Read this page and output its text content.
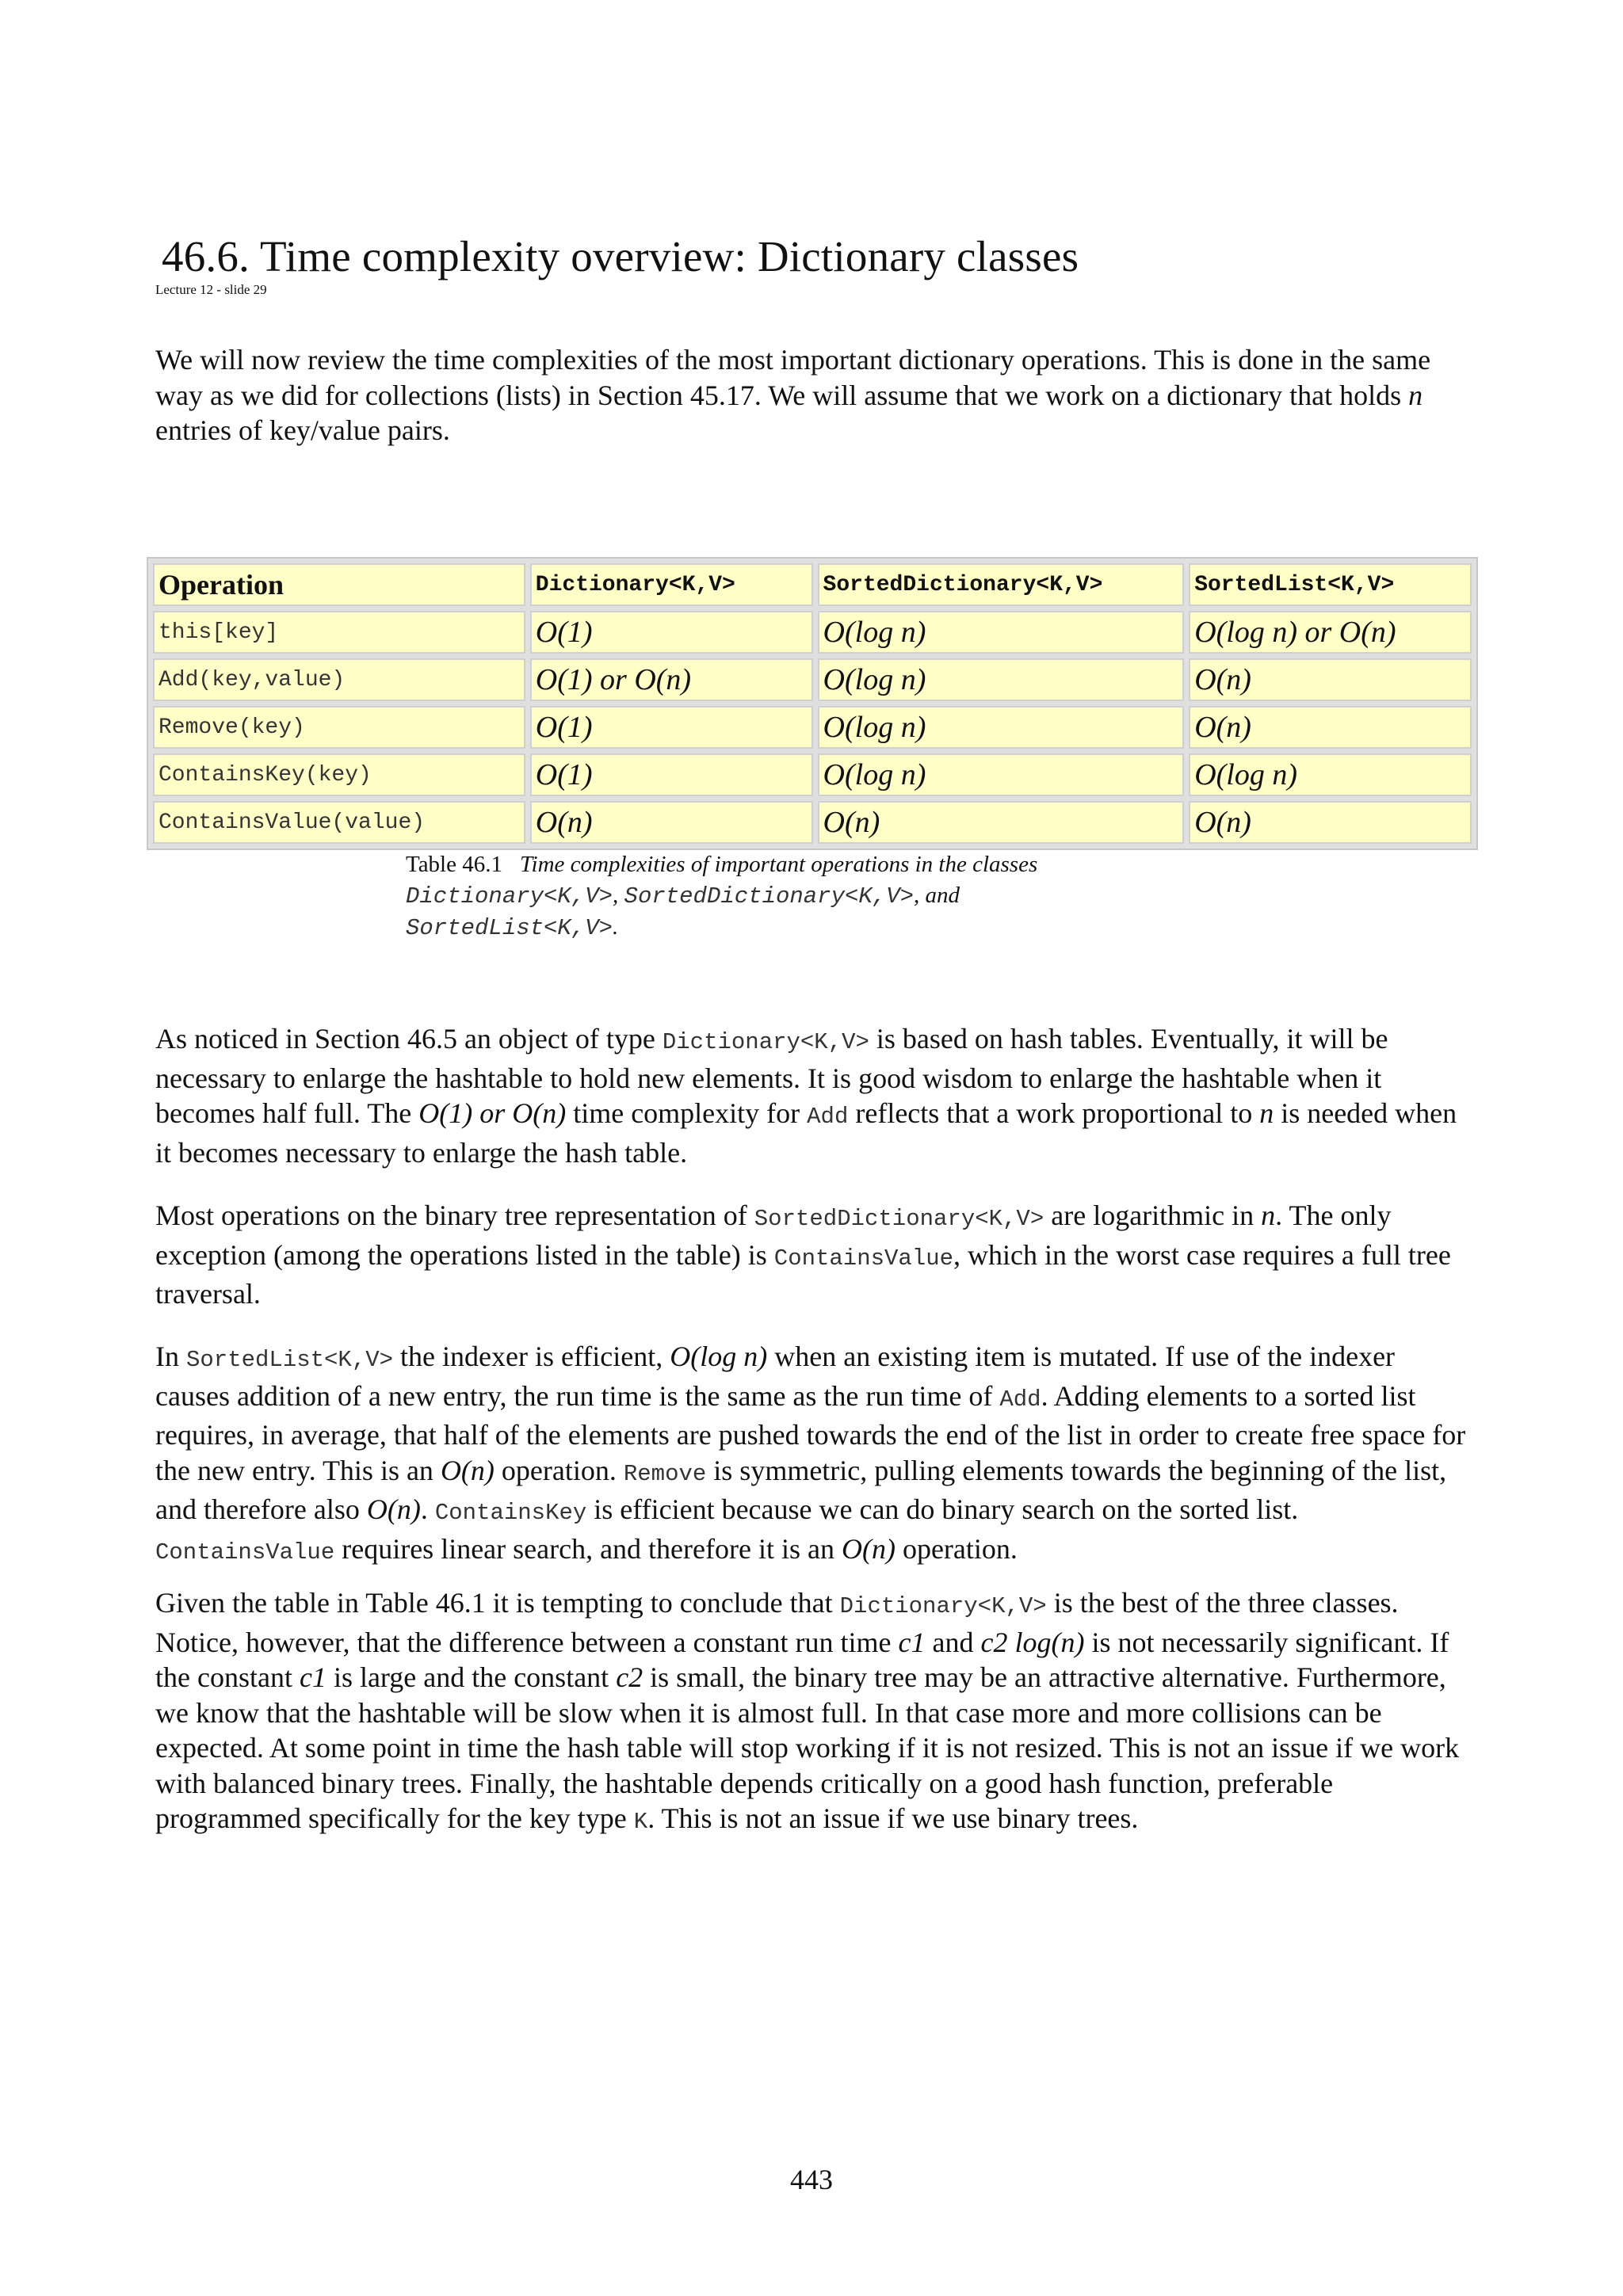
46.6. Time complexity overview: Dictionary classes
Lecture 12 - slide 29

We will now review the time complexities of the most important dictionary operations. This is done in the same way as we did for collections (lists) in Section 45.17. We will assume that we work on a dictionary that holds n entries of key/value pairs.

Operation	Dictionary<K,V>	SortedDictionary<K,V>	SortedList<K,V>
this[key]	O(1)	O(log n)	O(log n) or O(n)
Add(key,value)	O(1) or O(n)	O(log n)	O(n)
Remove(key)	O(1)	O(log n)	O(n)
ContainsKey(key)	O(1)	O(log n)	O(log n)
ContainsValue(value)	O(n)	O(n)	O(n)
Table 46.1 Time complexities of important operations in the classes
Dictionary<K,V>, SortedDictionary<K,V>, and
SortedList<K,V>.

As noticed in Section 46.5 an object of type Dictionary<K,V> is based on hash tables. Eventually, it will be necessary to enlarge the hashtable to hold new elements. It is good wisdom to enlarge the hashtable when it becomes half full. The O(1) or O(n) time complexity for Add reflects that a work proportional to n is needed when it becomes necessary to enlarge the hash table.

Most operations on the binary tree representation of SortedDictionary<K,V> are logarithmic in n. The only exception (among the operations listed in the table) is ContainsValue, which in the worst case requires a full tree traversal.

In SortedList<K,V> the indexer is efficient, O(log n) when an existing item is mutated. If use of the indexer causes addition of a new entry, the run time is the same as the run time of Add. Adding elements to a sorted list requires, in average, that half of the elements are pushed towards the end of the list in order to create free space for the new entry. This is an O(n) operation. Remove is symmetric, pulling elements towards the beginning of the list, and therefore also O(n). ContainsKey is efficient because we can do binary search on the sorted list. ContainsValue requires linear search, and therefore it is an O(n) operation.

Given the table in Table 46.1 it is tempting to conclude that Dictionary<K,V> is the best of the three classes. Notice, however, that the difference between a constant run time c1 and c2 log(n) is not necessarily significant. If the constant c1 is large and the constant c2 is small, the binary tree may be an attractive alternative. Furthermore, we know that the hashtable will be slow when it is almost full. In that case more and more collisions can be expected. At some point in time the hash table will stop working if it is not resized. This is not an issue if we work with balanced binary trees. Finally, the hashtable depends critically on a good hash function, preferable programmed specifically for the key type K. This is not an issue if we use binary trees.

443
